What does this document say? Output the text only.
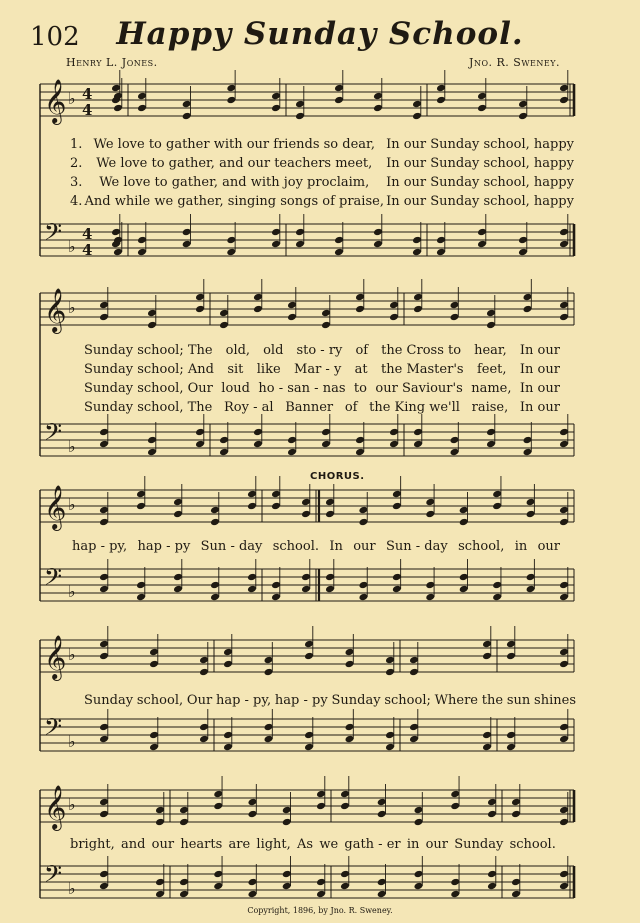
102	Happy Sunday School.
Henry L. Jones.	Jno. R. Sweney.
CHORUS.
𝄞 ♭ 4
4
𝄢 ♭
4
4
1. We love to gather with our friends so dear, In our Sunday school, happy
2. We love to gather, and our teachers meet, In our Sunday school, happy
3. We love to gather, and with joy proclaim, In our Sunday school, happy
4. And while we gather, singing songs of praise, In our Sunday school, happy
𝄞 ♭
𝄢 ♭
Sunday school; The old, old sto - ry of the Cross to hear, In our
Sunday school; And sit like Mar - y at the Master's feet, In our
Sunday school, Our loud ho - san - nas to our Saviour's name, In our
Sunday school, The Roy - al Banner of the King we'll raise, In our
𝄞 ♭
𝄢 ♭
hap - py, hap - py Sun - day school. In our Sun - day school, in our
𝄞 ♭
𝄢 ♭
Sunday school, Our hap - py, hap - py Sunday school; Where the sun shines
𝄞 ♭
𝄢 ♭
bright, and our hearts are light, As we gath - er in our Sunday school.
Copyright, 1896, by Jno. R. Sweney.
